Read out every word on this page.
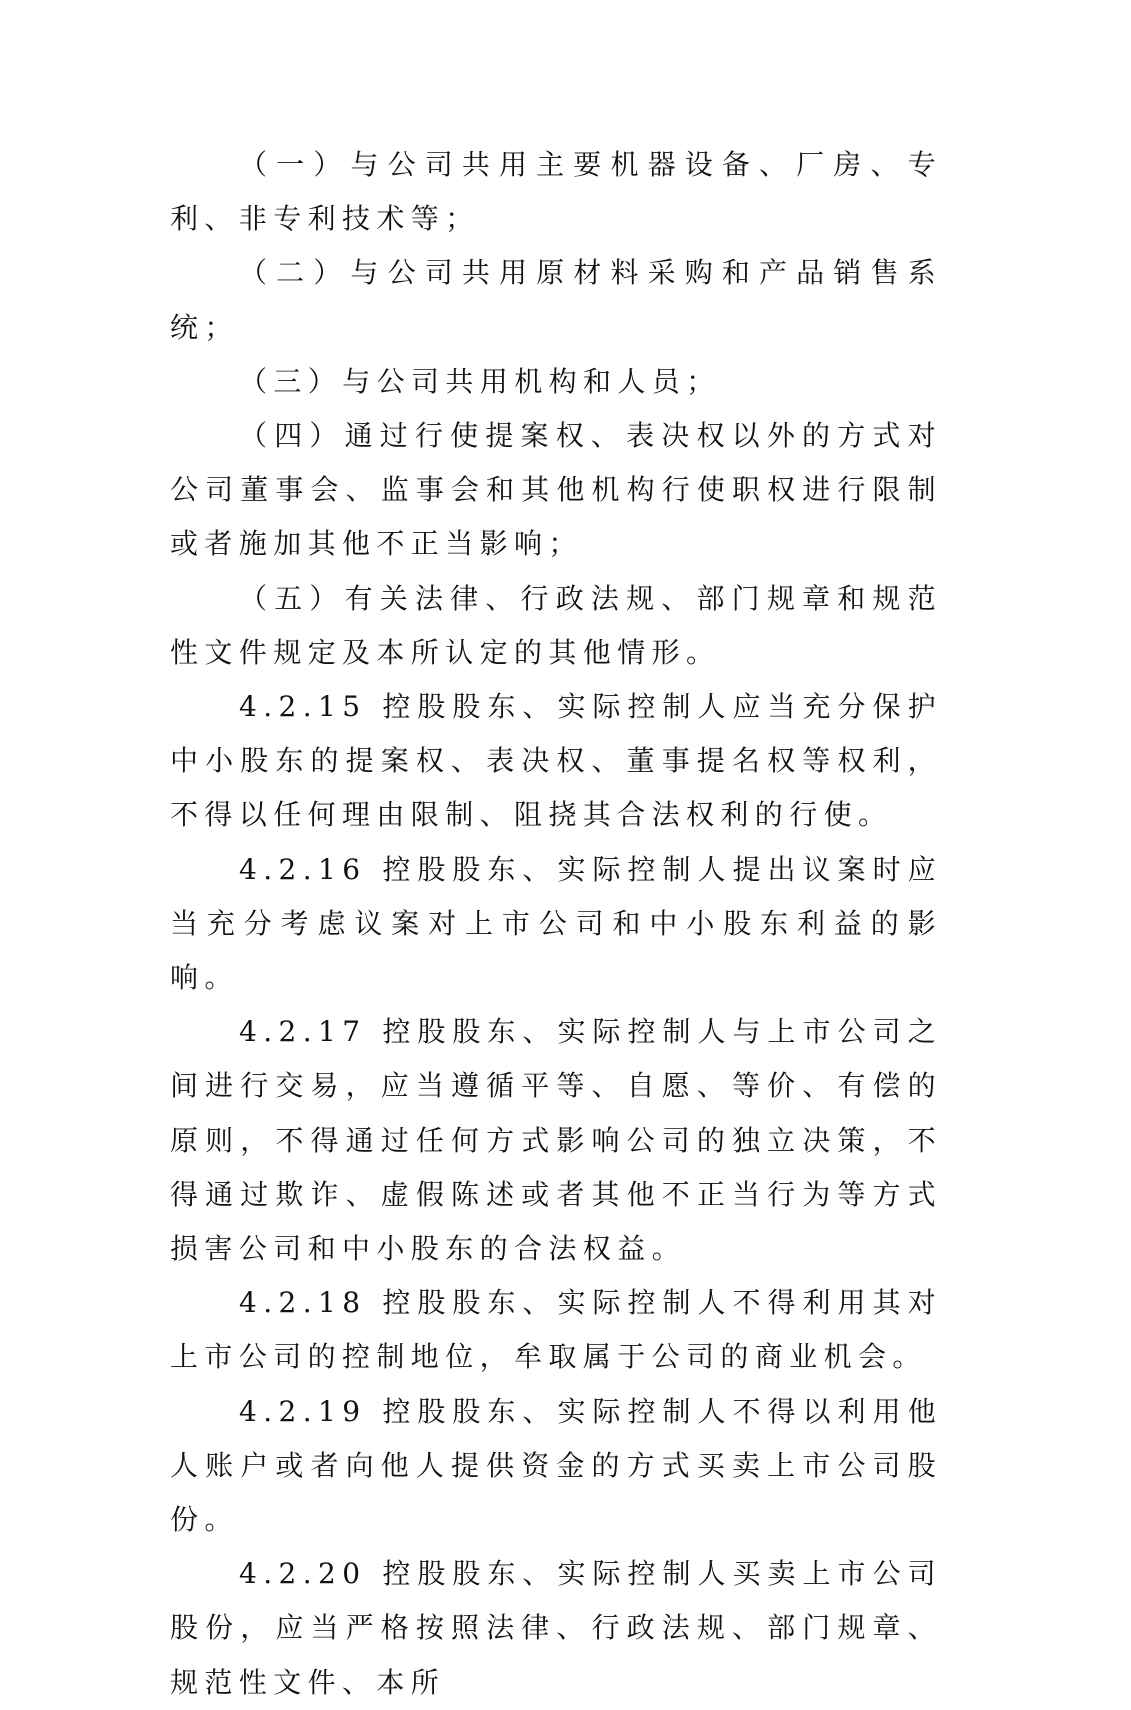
（一）与公司共用主要机器设备、厂房、专利、非专利技术等；

（二）与公司共用原材料采购和产品销售系统；

（三）与公司共用机构和人员；

（四）通过行使提案权、表决权以外的方式对公司董事会、监事会和其他机构行使职权进行限制或者施加其他不正当影响；

（五）有关法律、行政法规、部门规章和规范性文件规定及本所认定的其他情形。

4.2.15 控股股东、实际控制人应当充分保护中小股东的提案权、表决权、董事提名权等权利，不得以任何理由限制、阻挠其合法权利的行使。

4.2.16 控股股东、实际控制人提出议案时应当充分考虑议案对上市公司和中小股东利益的影响。

4.2.17 控股股东、实际控制人与上市公司之间进行交易，应当遵循平等、自愿、等价、有偿的原则，不得通过任何方式影响公司的独立决策，不得通过欺诈、虚假陈述或者其他不正当行为等方式损害公司和中小股东的合法权益。

4.2.18 控股股东、实际控制人不得利用其对上市公司的控制地位，牟取属于公司的商业机会。

4.2.19 控股股东、实际控制人不得以利用他人账户或者向他人提供资金的方式买卖上市公司股份。

4.2.20 控股股东、实际控制人买卖上市公司股份，应当严格按照法律、行政法规、部门规章、规范性文件、本所
